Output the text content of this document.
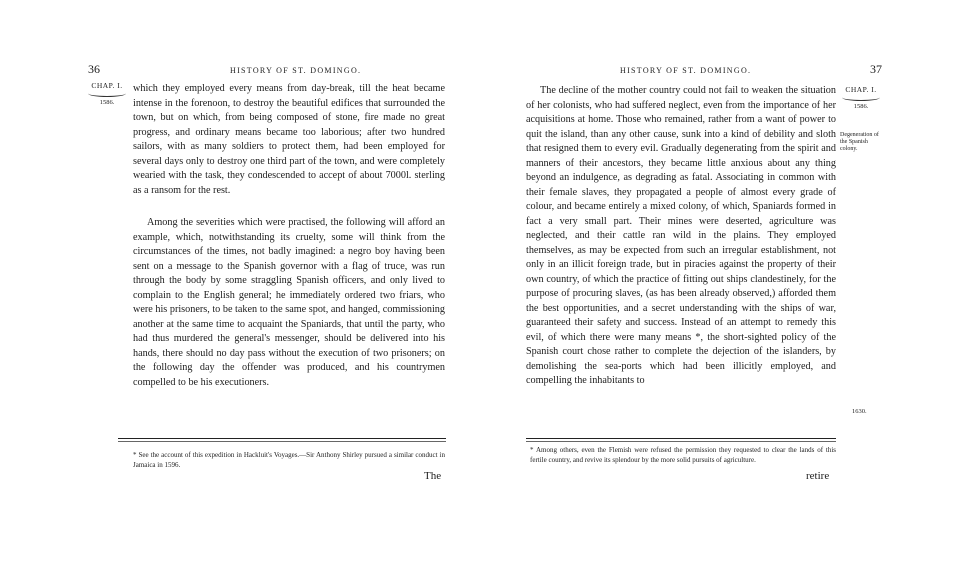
36	HISTORY OF ST. DOMINGO.
CHAP. I.
1586.

which they employed every means from day-break, till the heat became intense in the forenoon, to destroy the beautiful edifices that surrounded the town, but on which, from being composed of stone, fire made no great progress, and ordinary means became too laborious; after two hundred sailors, with as many soldiers to protect them, had been employed for several days only to destroy one third part of the town, and were completely wearied with the task, they condescended to accept of about 7000l. sterling as a ransom for the rest.

Among the severities which were practised, the following will afford an example, which, notwithstanding its cruelty, some will think from the circumstances of the times, not badly imagined: a negro boy having been sent on a message to the Spanish governor with a flag of truce, was run through the body by some straggling Spanish officers, and only lived to complain to the English general; he immediately ordered two friars, who were his prisoners, to be taken to the same spot, and hanged, commissioning another at the same time to acquaint the Spaniards, that until the party, who had thus murdered the general's messenger, should be delivered into his hands, there should no day pass without the execution of two prisoners; on the following day the offender was produced, and his countrymen compelled to be his executioners.

* See the account of this expedition in Hackluit's Voyages.—Sir Anthony Shirley pursued a similar conduct in Jamaica in 1596.
The
HISTORY OF ST. DOMINGO.	37
CHAP. I.
1586.
Degeneration of the Spanish colony.
1630.

The decline of the mother country could not fail to weaken the situation of her colonists, who had suffered neglect, even from the importance of her acquisitions at home. Those who remained, rather from a want of power to quit the island, than any other cause, sunk into a kind of debility and sloth that resigned them to every evil. Gradually degenerating from the spirit and manners of their ancestors, they became little anxious about any thing beyond an indulgence, as degrading as fatal. Associating in common with their female slaves, they propagated a people of almost every grade of colour, and became entirely a mixed colony, of which, Spaniards formed in fact a very small part. Their mines were deserted, agriculture was neglected, and their cattle ran wild in the plains. They employed themselves, as may be expected from such an irregular establishment, not only in an illicit foreign trade, but in piracies against the property of their own country, of which the practice of fitting out ships clandestinely, for the purpose of procuring slaves, (as has been already observed,) afforded them the best opportunities, and a secret understanding with the ships of war, guaranteed their safety and success. Instead of an attempt to remedy this evil, of which there were many means *, the short-sighted policy of the Spanish court chose rather to complete the dejection of the islanders, by demolishing the sea-ports which had been illicitly employed, and compelling the inhabitants to

* Among others, even the Flemish were refused the permission they requested to clear the lands of this fertile country, and revive its splendour by the more solid pursuits of agriculture.
retire
